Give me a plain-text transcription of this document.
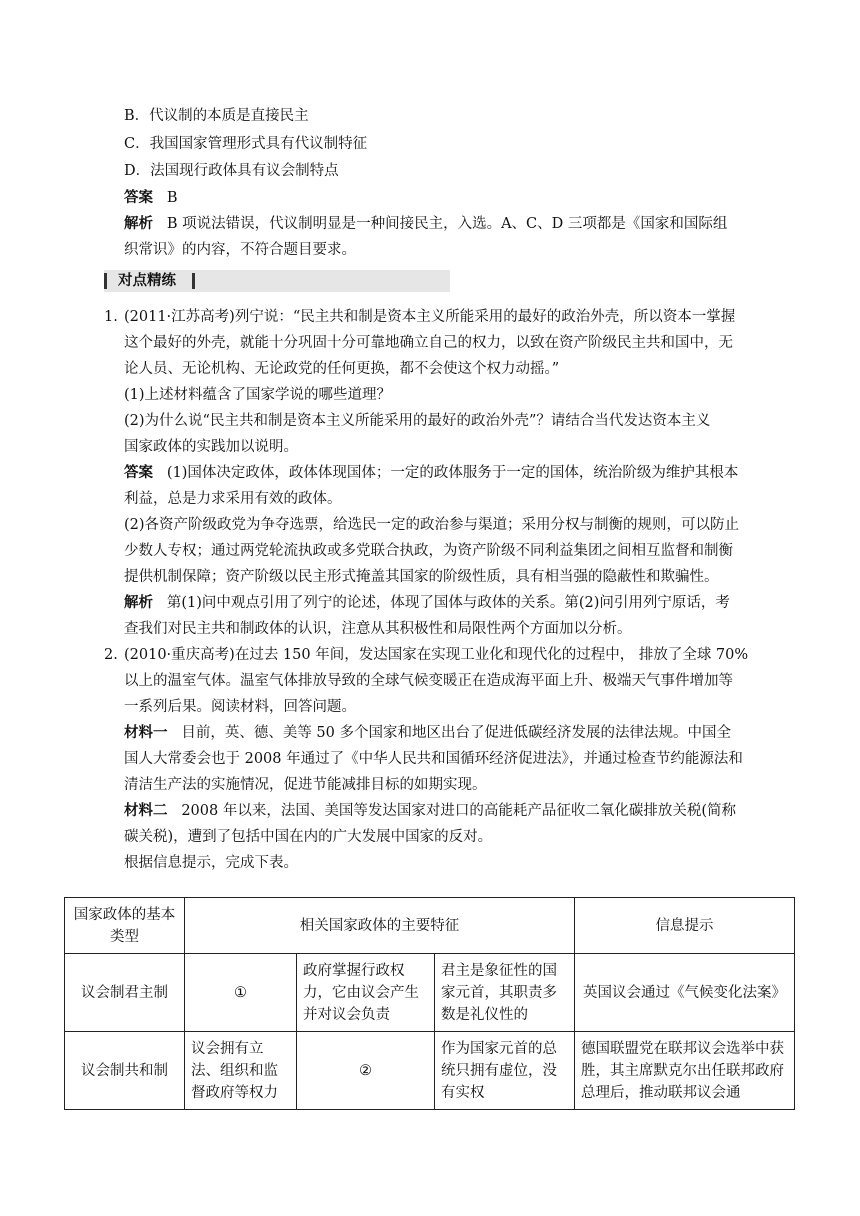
B．代议制的本质是直接民主
C．我国国家管理形式具有代议制特征
D．法国现行政体具有议会制特点
答案 B
解析 B 项说法错误，代议制明显是一种间接民主，入选。A、C、D 三项都是《国家和国际组
织常识》的内容，不符合题目要求。
对点精练
1. (2011·江苏高考)列宁说：“民主共和制是资本主义所能采用的最好的政治外壳，所以资本一掌握
这个最好的外壳，就能十分巩固十分可靠地确立自己的权力，以致在资产阶级民主共和国中，无
论人员、无论机构、无论政党的任何更换，都不会使这个权力动摇。”
(1)上述材料蕴含了国家学说的哪些道理？
(2)为什么说“民主共和制是资本主义所能采用的最好的政治外壳”？请结合当代发达资本主义
国家政体的实践加以说明。
答案 (1)国体决定政体，政体体现国体；一定的政体服务于一定的国体，统治阶级为维护其根本
利益，总是力求采用有效的政体。
(2)各资产阶级政党为争夺选票，给选民一定的政治参与渠道；采用分权与制衡的规则，可以防止
少数人专权；通过两党轮流执政或多党联合执政，为资产阶级不同利益集团之间相互监督和制衡
提供机制保障；资产阶级以民主形式掩盖其国家的阶级性质，具有相当强的隐蔽性和欺骗性。
解析 第(1)问中观点引用了列宁的论述，体现了国体与政体的关系。第(2)问引用列宁原话，考
查我们对民主共和制政体的认识，注意从其积极性和局限性两个方面加以分析。
2. (2010·重庆高考)在过去 150 年间，发达国家在实现工业化和现代化的过程中， 排放了全球 70%
以上的温室气体。温室气体排放导致的全球气候变暖正在造成海平面上升、极端天气事件增加等
一系列后果。阅读材料，回答问题。
材料一 目前，英、德、美等 50 多个国家和地区出台了促进低碳经济发展的法律法规。中国全
国人大常委会也于 2008 年通过了《中华人民共和国循环经济促进法》，并通过检查节约能源法和
清洁生产法的实施情况，促进节能减排目标的如期实现。
材料二 2008 年以来，法国、美国等发达国家对进口的高能耗产品征收二氧化碳排放关税(简称
碳关税)，遭到了包括中国在内的广大发展中国家的反对。
根据信息提示，完成下表。
国家政体的基本类型	相关国家政体的主要特征			信息提示
议会制君主制	①	政府掌握行政权力，它由议会产生并对议会负责	君主是象征性的国家元首，其职责多数是礼仪性的	英国议会通过《气候变化法案》
议会制共和制	议会拥有立法、组织和监督政府等权力	②	作为国家元首的总统只拥有虚位，没有实权	德国联盟党在联邦议会选举中获胜，其主席默克尔出任联邦政府总理后，推动联邦议会通
